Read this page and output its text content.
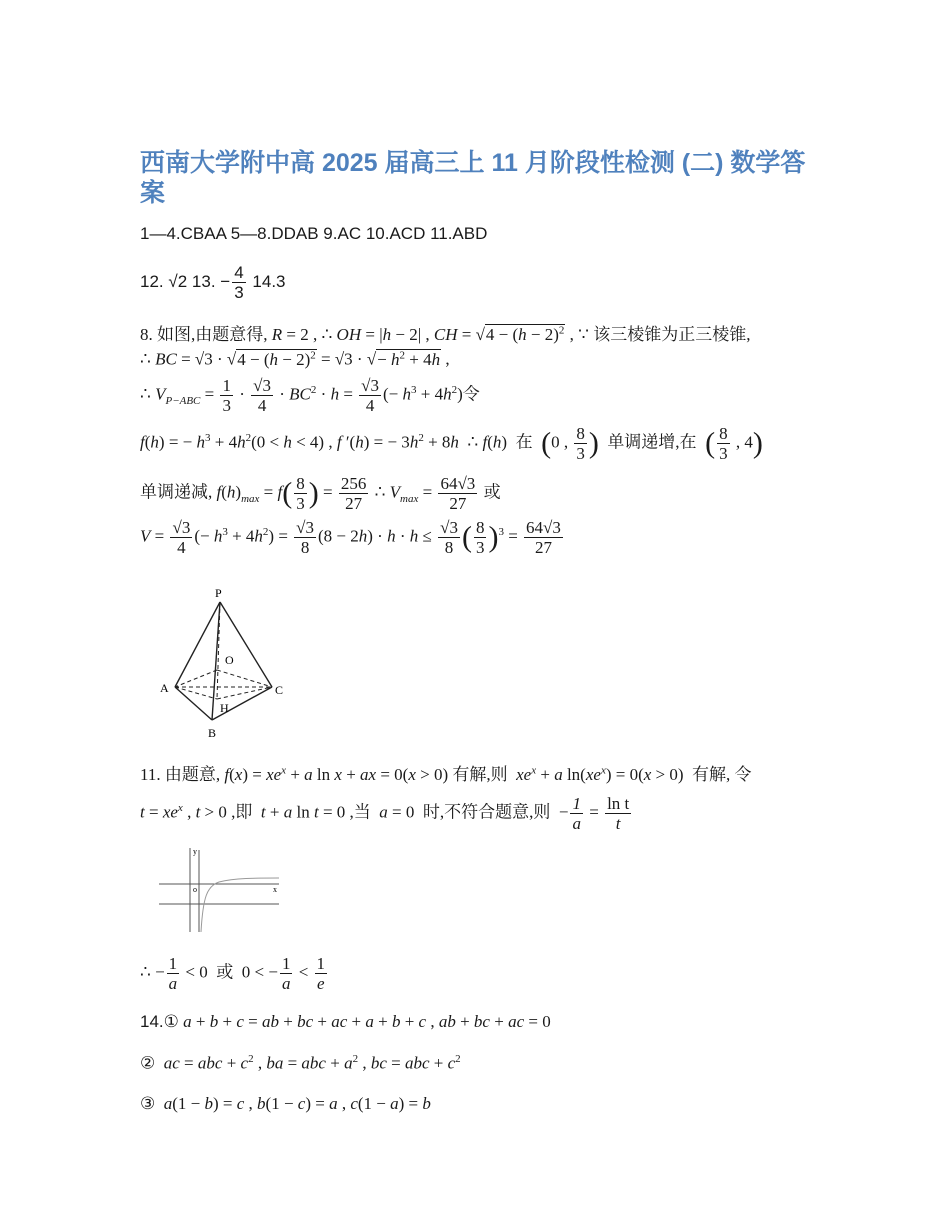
西南大学附中高 2025 届高三上 11 月阶段性检测 (二) 数学答案
1—4.CBAA 5—8.DDAB 9.AC 10.ACD 11.ABD
12. √2 13. − $\frac{4}{3} 14.3$
8. 如图,由题意得, R = 2 , ∴ OH = |h − 2| , CH = $√4 - (h - 2)^2$ , ∵ 该三棱锥为正三棱锥,
∴ BC = $√3 \cdot √4 - (h - 2)^2 = √3$ · √− $h^2 + 4h$ ,
∴ $V_{P-ABC} = \frac{1}{3} \cdot \frac{√3}{4} \cdot BC^2 \cdot h = \frac{√3}{4}$ (− $h^3 + 4h^2$)令
f(h) = − $h^3 + 4h^2(0 < h < 4)$ , f ′(h) = − $3h^2 + 8h$  ∴ f(h)  在 (0 , $\frac{8}{3}$ ) 单调递增,在 ( $\frac{8}{3}$ , 4)
单调递减, $f(h)_{max} = f( \frac{8}{3}$ ) = $\frac{256}{27}$ ∴ $V_{max} = \frac{64√3}{27}$ 或
$V = \frac{√3}{4}$ (− $h^3 + 4h^2) = \frac{√3}{8} (8 - 2h) \cdot h \cdot h \le \frac{√3}{8}$ ( $\frac{8}{3} )^3 = \frac{64√3}{27}$
P
O
A	C
H
B
11. 由题意, $f(x) = xe^x + a$ ln x + ax = 0(x > 0) 有解,则 $xe^x + a$ $\ln(xe^x) = 0(x > 0)$  有解, 令
$t = xe^x$ , t > 0 ,即 t + a ln t = 0 ,当 a = 0  时,不符合题意,则  − $\frac{1}{a} = \frac{\text{ln t}}{t}$
y
x
o
∴ − $\frac{1}{a} < 0$  或  0 < − $\frac{1}{a} < \frac{1}{e}$
14.① a + b + c = ab + bc + ac + a + b + c , ab + bc + ac = 0
② ac = abc + $c^2$ , ba = abc + $a^2$ , bc = abc + $c^2$
③ a(1 − b) = c , b(1 − c) = a , c(1 − a) = b
